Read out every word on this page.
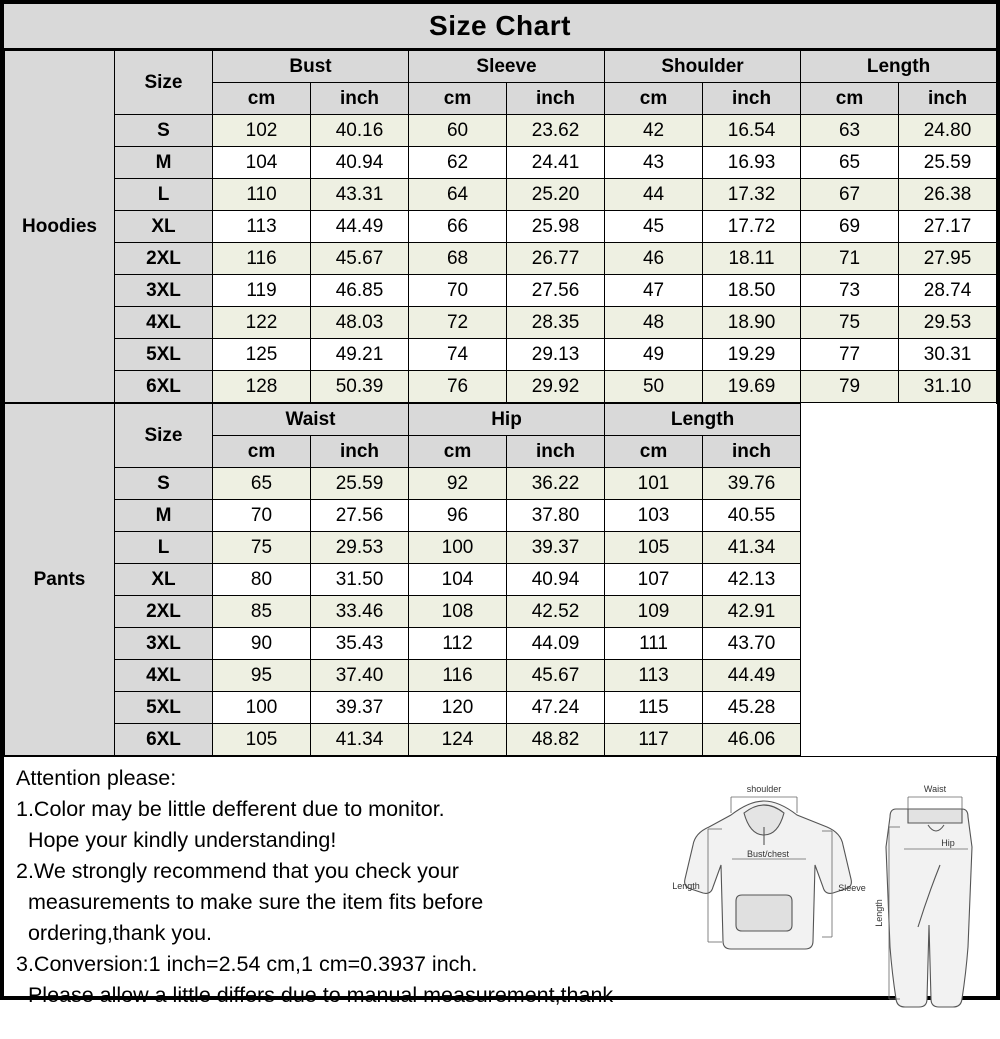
Size Chart
Hoodies	Size	Bust		Sleeve		Shoulder		Length	
		cm	inch	cm	inch	cm	inch	cm	inch
	S	102	40.16	60	23.62	42	16.54	63	24.80
	M	104	40.94	62	24.41	43	16.93	65	25.59
	L	110	43.31	64	25.20	44	17.32	67	26.38
	XL	113	44.49	66	25.98	45	17.72	69	27.17
	2XL	116	45.67	68	26.77	46	18.11	71	27.95
	3XL	119	46.85	70	27.56	47	18.50	73	28.74
	4XL	122	48.03	72	28.35	48	18.90	75	29.53
	5XL	125	49.21	74	29.13	49	19.29	77	30.31
	6XL	128	50.39	76	29.92	50	19.69	79	31.10
Pants	Size	Waist		Hip		Length		
		cm	inch	cm	inch	cm	inch	
	S	65	25.59	92	36.22	101	39.76	
	M	70	27.56	96	37.80	103	40.55	
	L	75	29.53	100	39.37	105	41.34	
	XL	80	31.50	104	40.94	107	42.13	
	2XL	85	33.46	108	42.52	109	42.91	
	3XL	90	35.43	112	44.09	111	43.70	
	4XL	95	37.40	116	45.67	113	44.49	
	5XL	100	39.37	120	47.24	115	45.28	
	6XL	105	41.34	124	48.82	117	46.06	
Attention please:
1.Color may be little defferent due to monitor.
Hope your kindly understanding!
2.We strongly recommend that you check your
measurements to make sure the item fits before
ordering,thank you.
3.Conversion:1 inch=2.54 cm,1 cm=0.3937 inch.
Please allow a little differs due to manual measurement,thank
shoulder
Bust/chest
Length	Sleeve
Waist
Hip
Length
